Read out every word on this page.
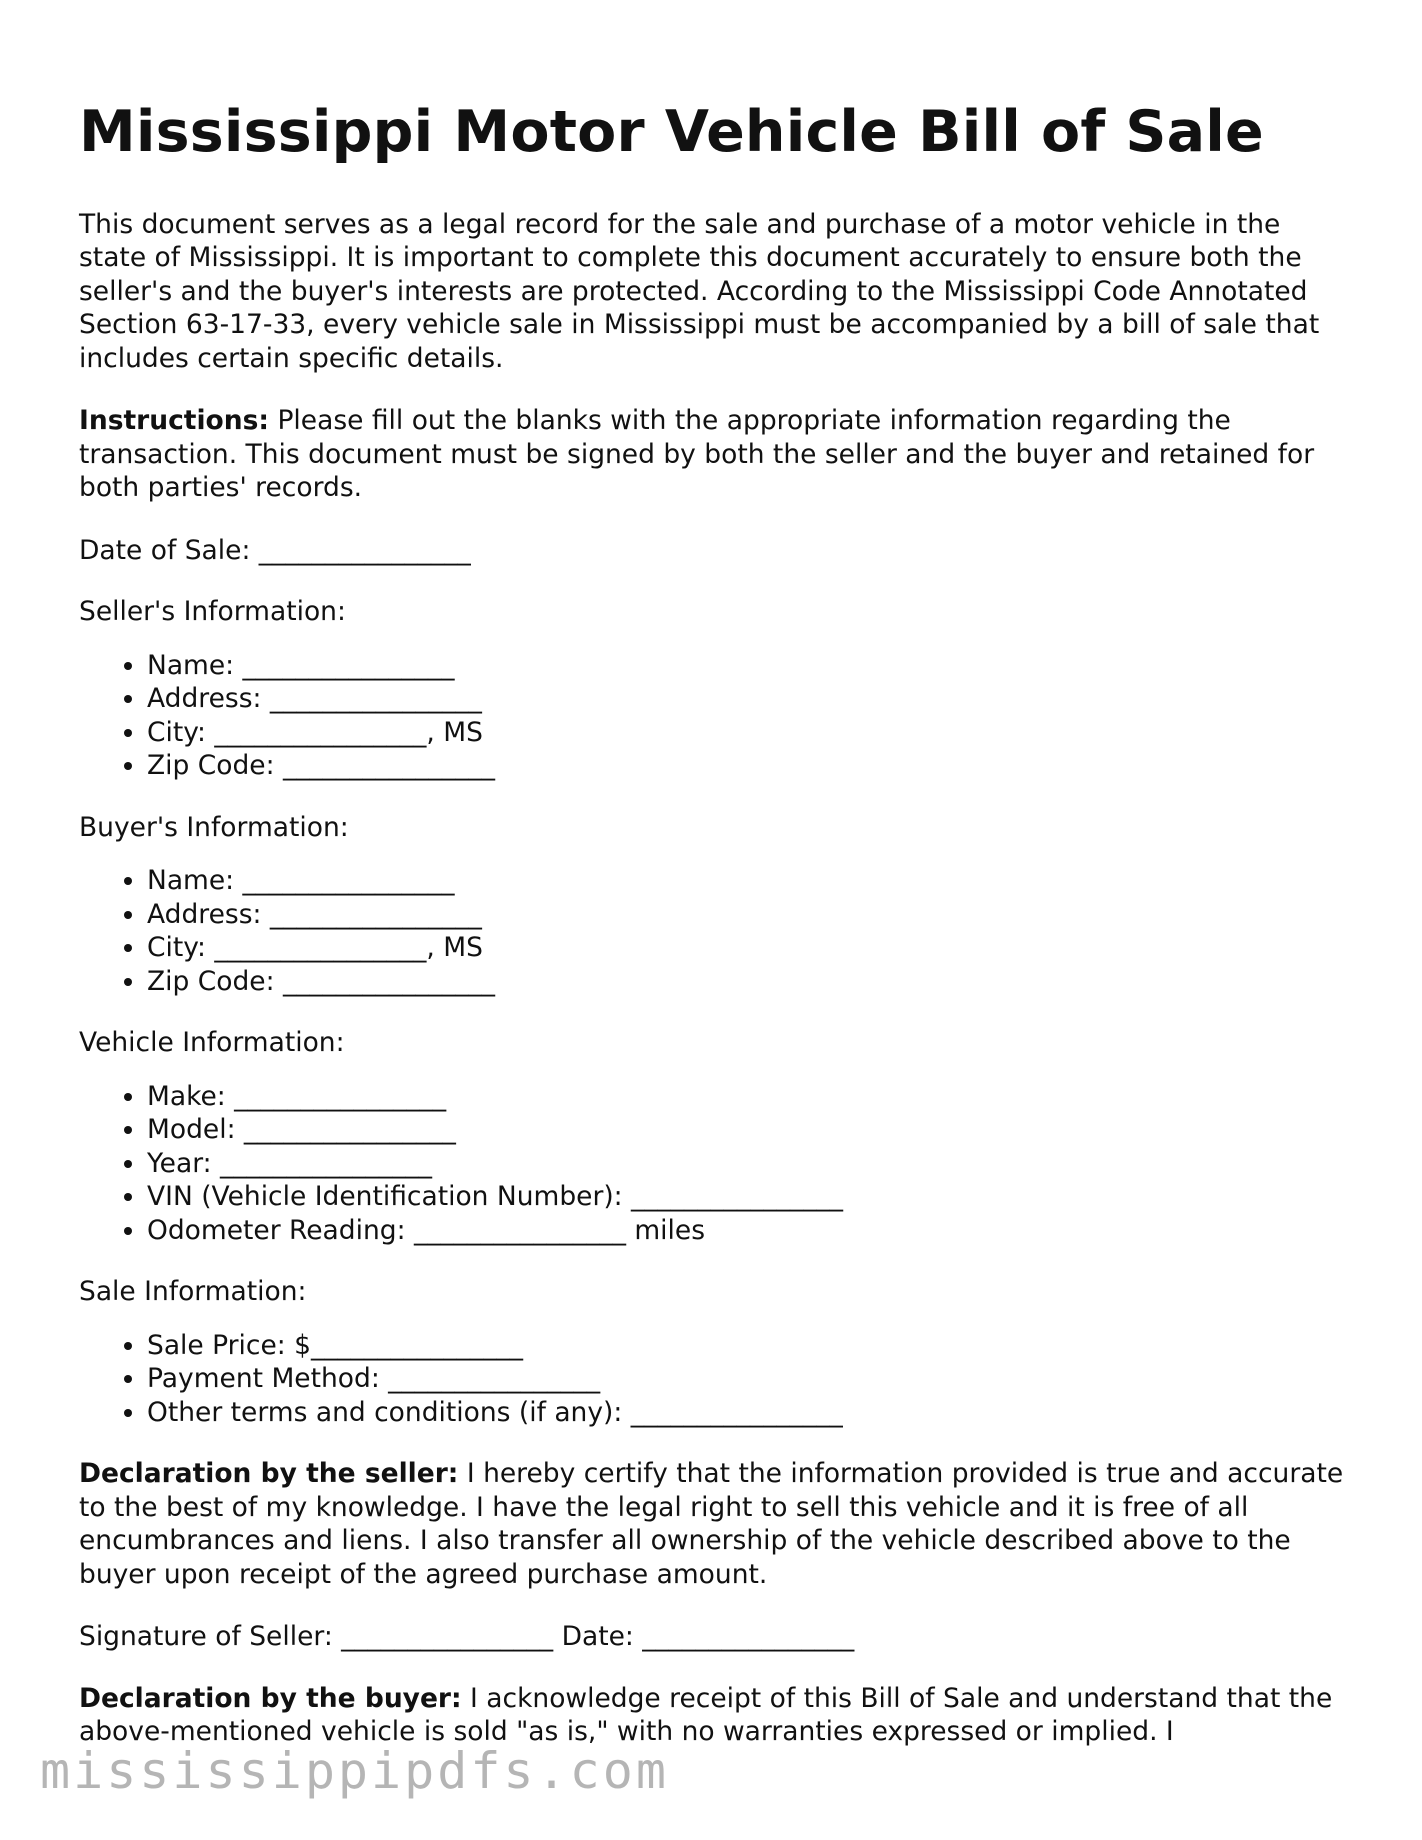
Mississippi Motor Vehicle Bill of Sale

This document serves as a legal record for the sale and purchase of a motor vehicle in the state of Mississippi. It is important to complete this document accurately to ensure both the seller's and the buyer's interests are protected. According to the Mississippi Code Annotated Section 63-17-33, every vehicle sale in Mississippi must be accompanied by a bill of sale that includes certain specific details.

Instructions: Please fill out the blanks with the appropriate information regarding the transaction. This document must be signed by both the seller and the buyer and retained for both parties' records.

Date of Sale: ________________

Seller's Information:

• Name: ________________
• Address: ________________
• City: ________________, MS
• Zip Code: ________________

Buyer's Information:

• Name: ________________
• Address: ________________
• City: ________________, MS
• Zip Code: ________________

Vehicle Information:

• Make: ________________
• Model: ________________
• Year: ________________
• VIN (Vehicle Identification Number): ________________
• Odometer Reading: ________________ miles

Sale Information:

• Sale Price: $________________
• Payment Method: ________________
• Other terms and conditions (if any): ________________

Declaration by the seller: I hereby certify that the information provided is true and accurate to the best of my knowledge. I have the legal right to sell this vehicle and it is free of all encumbrances and liens. I also transfer all ownership of the vehicle described above to the buyer upon receipt of the agreed purchase amount.

Signature of Seller: ________________ Date: ________________

Declaration by the buyer: I acknowledge receipt of this Bill of Sale and understand that the above-mentioned vehicle is sold "as is," with no warranties expressed or implied. I

mississippipdfs.com
